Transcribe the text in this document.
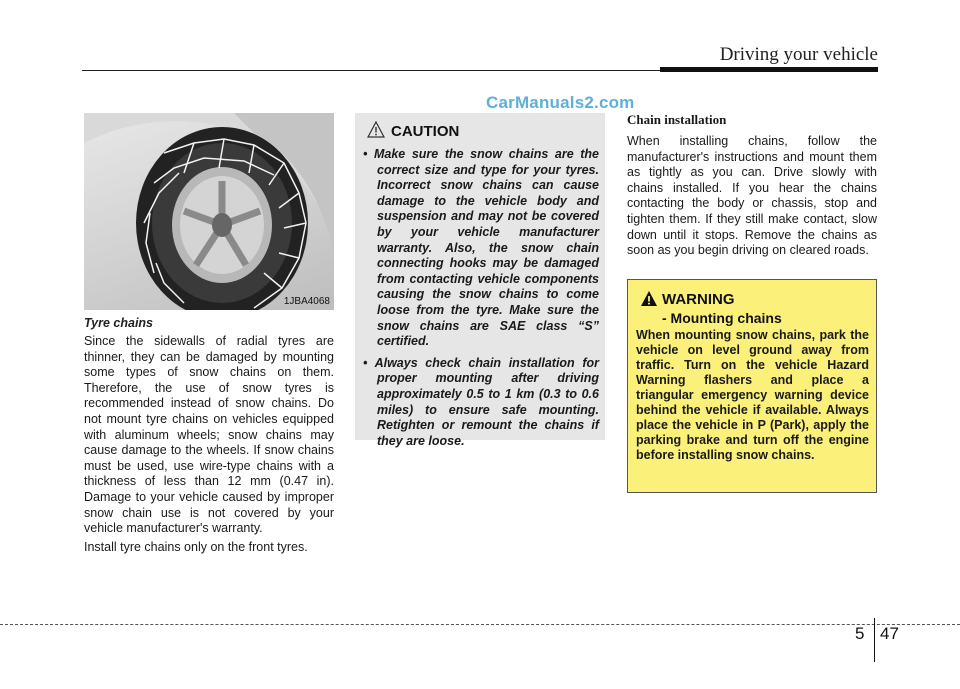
Driving your vehicle
CarManuals2.com
1JBA4068
Tyre chains

Since the sidewalls of radial tyres are thinner, they can be damaged by mounting some types of snow chains on them. Therefore, the use of snow tyres is recommended instead of snow chains. Do not mount tyre chains on vehicles equipped with aluminum wheels; snow chains may cause damage to the wheels. If snow chains must be used, use wire-type chains with a thickness of less than 12 mm (0.47 in). Damage to your vehicle caused by improper snow chain use is not covered by your vehicle manufacturer's warranty.

Install tyre chains only on the front tyres.

CAUTION
• Make sure the snow chains are the correct size and type for your tyres. Incorrect snow chains can cause damage to the vehicle body and suspension and may not be covered by your vehicle manufacturer warranty. Also, the snow chain connecting hooks may be damaged from contacting vehicle components causing the snow chains to come loose from the tyre. Make sure the snow chains are SAE class “S” certified.
• Always check chain installation for proper mounting after driving approximately 0.5 to 1 km (0.3 to 0.6 miles) to ensure safe mounting. Retighten or remount the chains if they are loose.
Chain installation

When installing chains, follow the manufacturer's instructions and mount them as tightly as you can. Drive slowly with chains installed. If you hear the chains contacting the body or chassis, stop and tighten them. If they still make contact, slow down until it stops. Remove the chains as soon as you begin driving on cleared roads.

WARNING
- Mounting chains

When mounting snow chains, park the vehicle on level ground away from traffic. Turn on the vehicle Hazard Warning flashers and place a triangular emergency warning device behind the vehicle if available. Always place the vehicle in P (Park), apply the parking brake and turn off the engine before installing snow chains.

5 47
